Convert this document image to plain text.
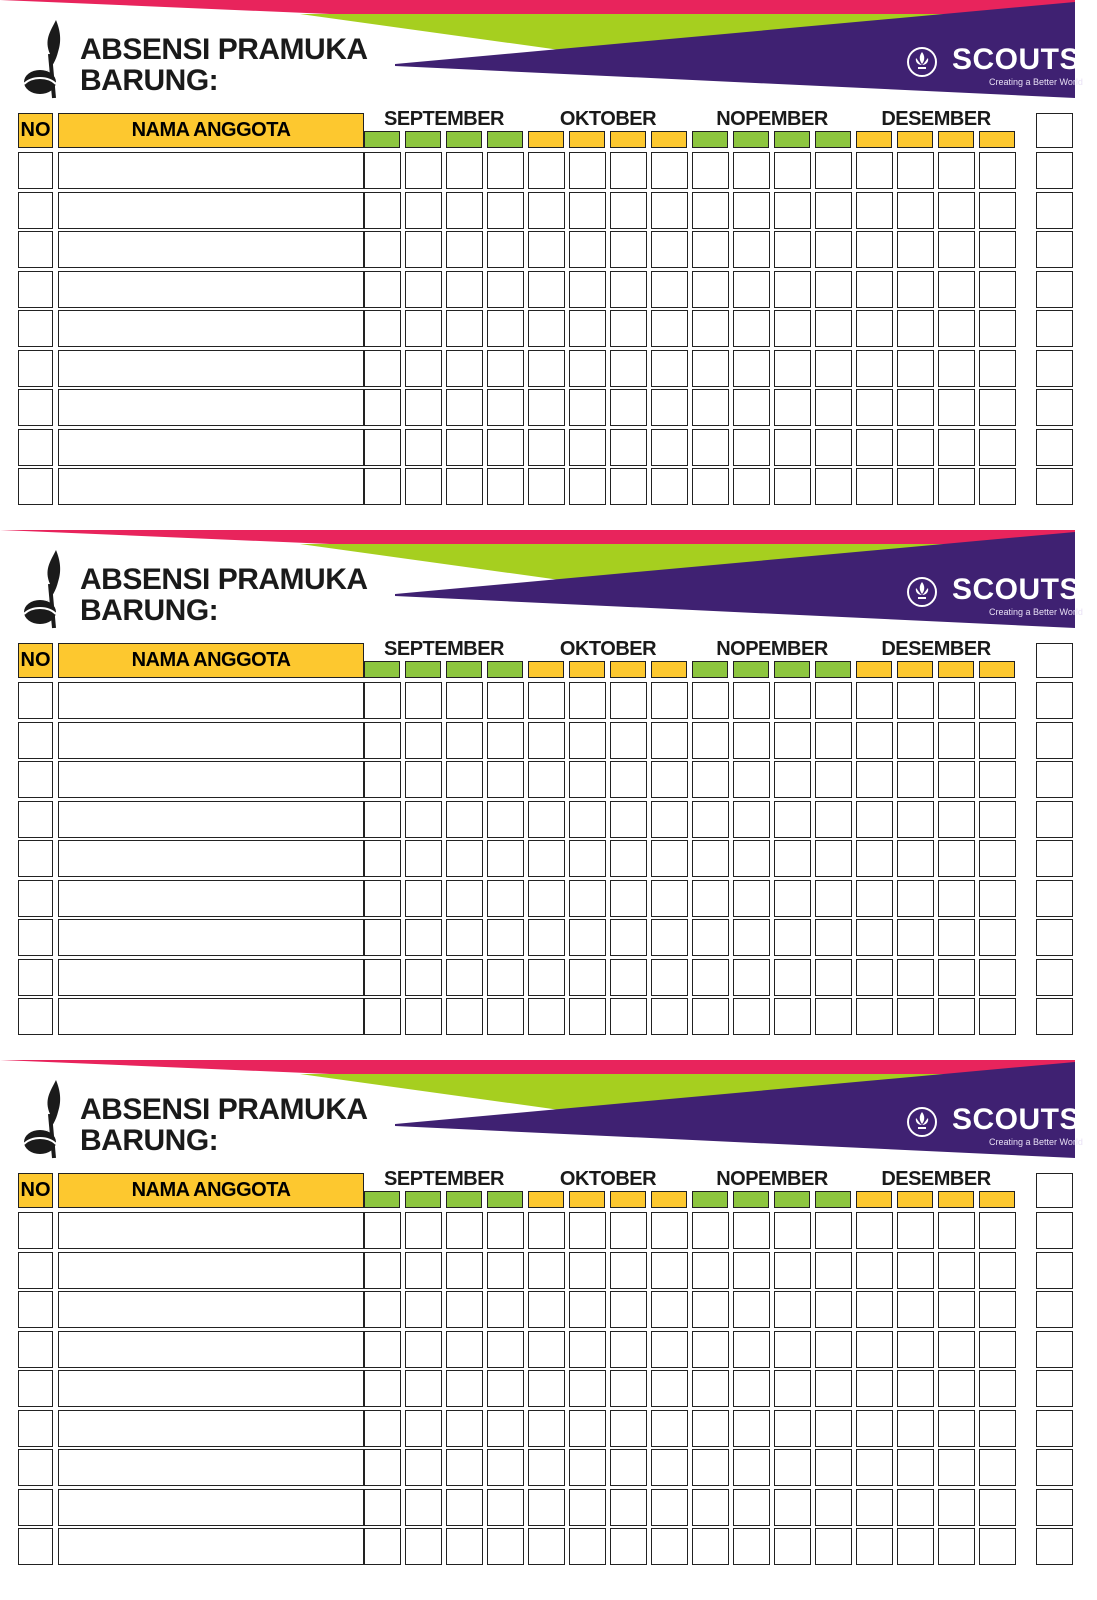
ABSENSI PRAMUKA
BARUNG:
SCOUTS
Creating a Better World
NO	NAMA ANGGOTA	SEPTEMBER	OKTOBER	NOPEMBER	DESEMBER
ABSENSI PRAMUKA
BARUNG:
SCOUTS
Creating a Better World
NO	NAMA ANGGOTA	SEPTEMBER	OKTOBER	NOPEMBER	DESEMBER
ABSENSI PRAMUKA
BARUNG:
SCOUTS
Creating a Better World
NO	NAMA ANGGOTA	SEPTEMBER	OKTOBER	NOPEMBER	DESEMBER
